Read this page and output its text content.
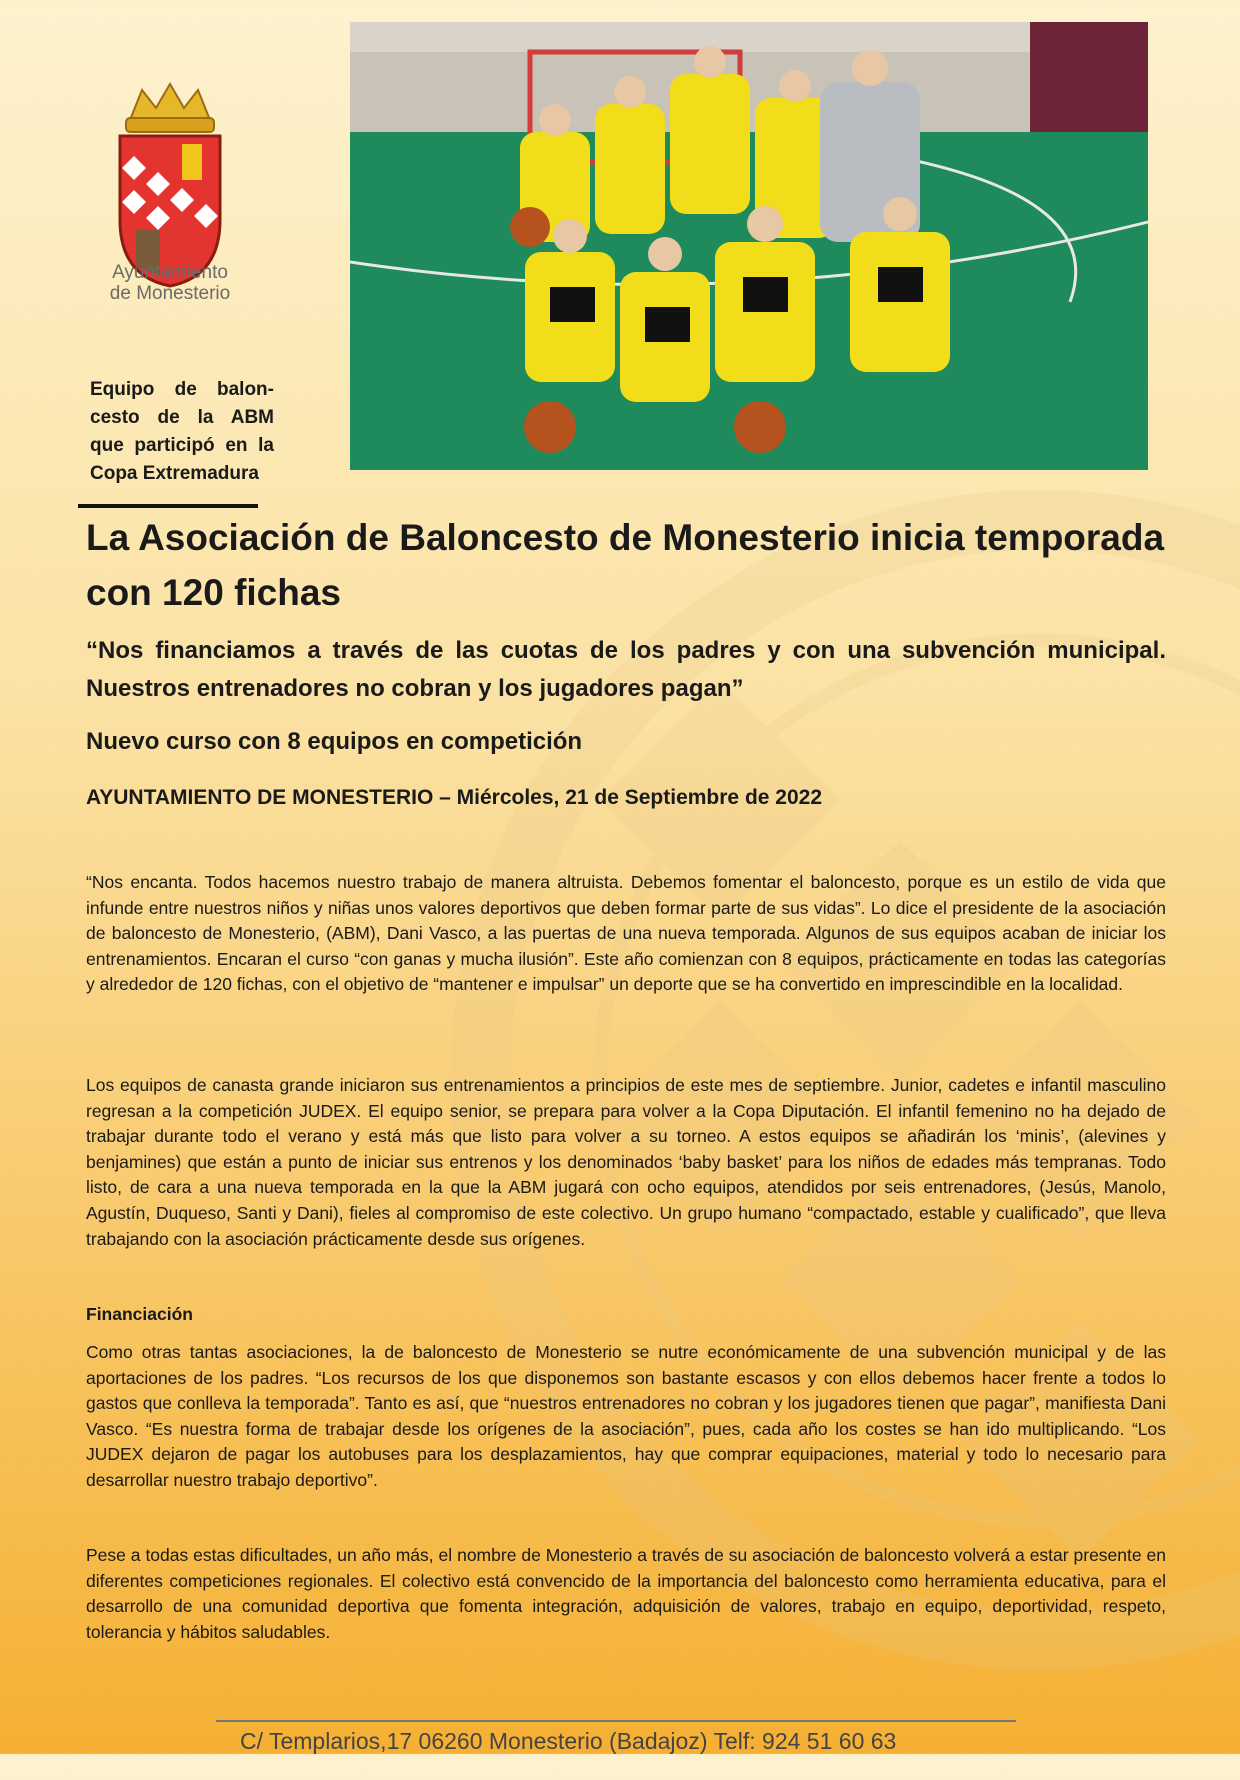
Ayuntamiento
de Monesterio

Equipo de balon-cesto de la ABM que participó en la Copa Extremadura

La Asociación de Baloncesto de Monesterio inicia temporada con 120 fichas
“Nos financiamos a través de las cuotas de los padres y con una subvención municipal. Nuestros entrenadores no cobran y los jugadores pagan”
Nuevo curso con 8 equipos en competición

AYUNTAMIENTO DE MONESTERIO – Miércoles, 21 de Septiembre de 2022

“Nos encanta. Todos hacemos nuestro trabajo de manera altruista. Debemos fomentar el baloncesto, porque es un estilo de vida que infunde entre nuestros niños y niñas unos valores deportivos que deben formar parte de sus vidas”. Lo dice el presidente de la asociación de baloncesto de Monesterio, (ABM), Dani Vasco, a las puertas de una nueva temporada. Algunos de sus equipos acaban de iniciar los entrenamientos. Encaran el curso “con ganas y mucha ilusión”. Este año comienzan con 8 equipos, prácticamente en todas las categorías y alrededor de 120 fichas, con el objetivo de “mantener e impulsar” un deporte que se ha convertido en imprescindible en la localidad.

Los equipos de canasta grande iniciaron sus entrenamientos a principios de este mes de septiembre. Junior, cadetes e infantil masculino regresan a la competición JUDEX. El equipo senior, se prepara para volver a la Copa Diputación. El infantil femenino no ha dejado de trabajar durante todo el verano y está más que listo para volver a su torneo. A estos equipos se añadirán los ‘minis’, (alevines y benjamines) que están a punto de iniciar sus entrenos y los denominados ‘baby basket’ para los niños de edades más tempranas. Todo listo, de cara a una nueva temporada en la que la ABM jugará con ocho equipos, atendidos por seis entrenadores, (Jesús, Manolo, Agustín, Duqueso, Santi y Dani), fieles al compromiso de este colectivo. Un grupo humano “compactado, estable y cualificado”, que lleva trabajando con la asociación prácticamente desde sus orígenes.

Financiación

Como otras tantas asociaciones, la de baloncesto de Monesterio se nutre económicamente de una subvención municipal y de las aportaciones de los padres. “Los recursos de los que disponemos son bastante escasos y con ellos debemos hacer frente a todos lo gastos que conlleva la temporada”. Tanto es así, que “nuestros entrenadores no cobran y los jugadores tienen que pagar”, manifiesta Dani Vasco. “Es nuestra forma de trabajar desde los orígenes de la asociación”, pues, cada año los costes se han ido multiplicando. “Los JUDEX dejaron de pagar los autobuses para los desplazamientos, hay que comprar equipaciones, material y todo lo necesario para desarrollar nuestro trabajo deportivo”.

Pese a todas estas dificultades, un año más, el nombre de Monesterio a través de su asociación de baloncesto volverá a estar presente en diferentes competiciones regionales. El colectivo está convencido de la importancia del baloncesto como herramienta educativa, para el desarrollo de una comunidad deportiva que fomenta integración, adquisición de valores, trabajo en equipo, deportividad, respeto, tolerancia y hábitos saludables.

C/ Templarios,17 06260 Monesterio (Badajoz) Telf: 924 51 60 63
